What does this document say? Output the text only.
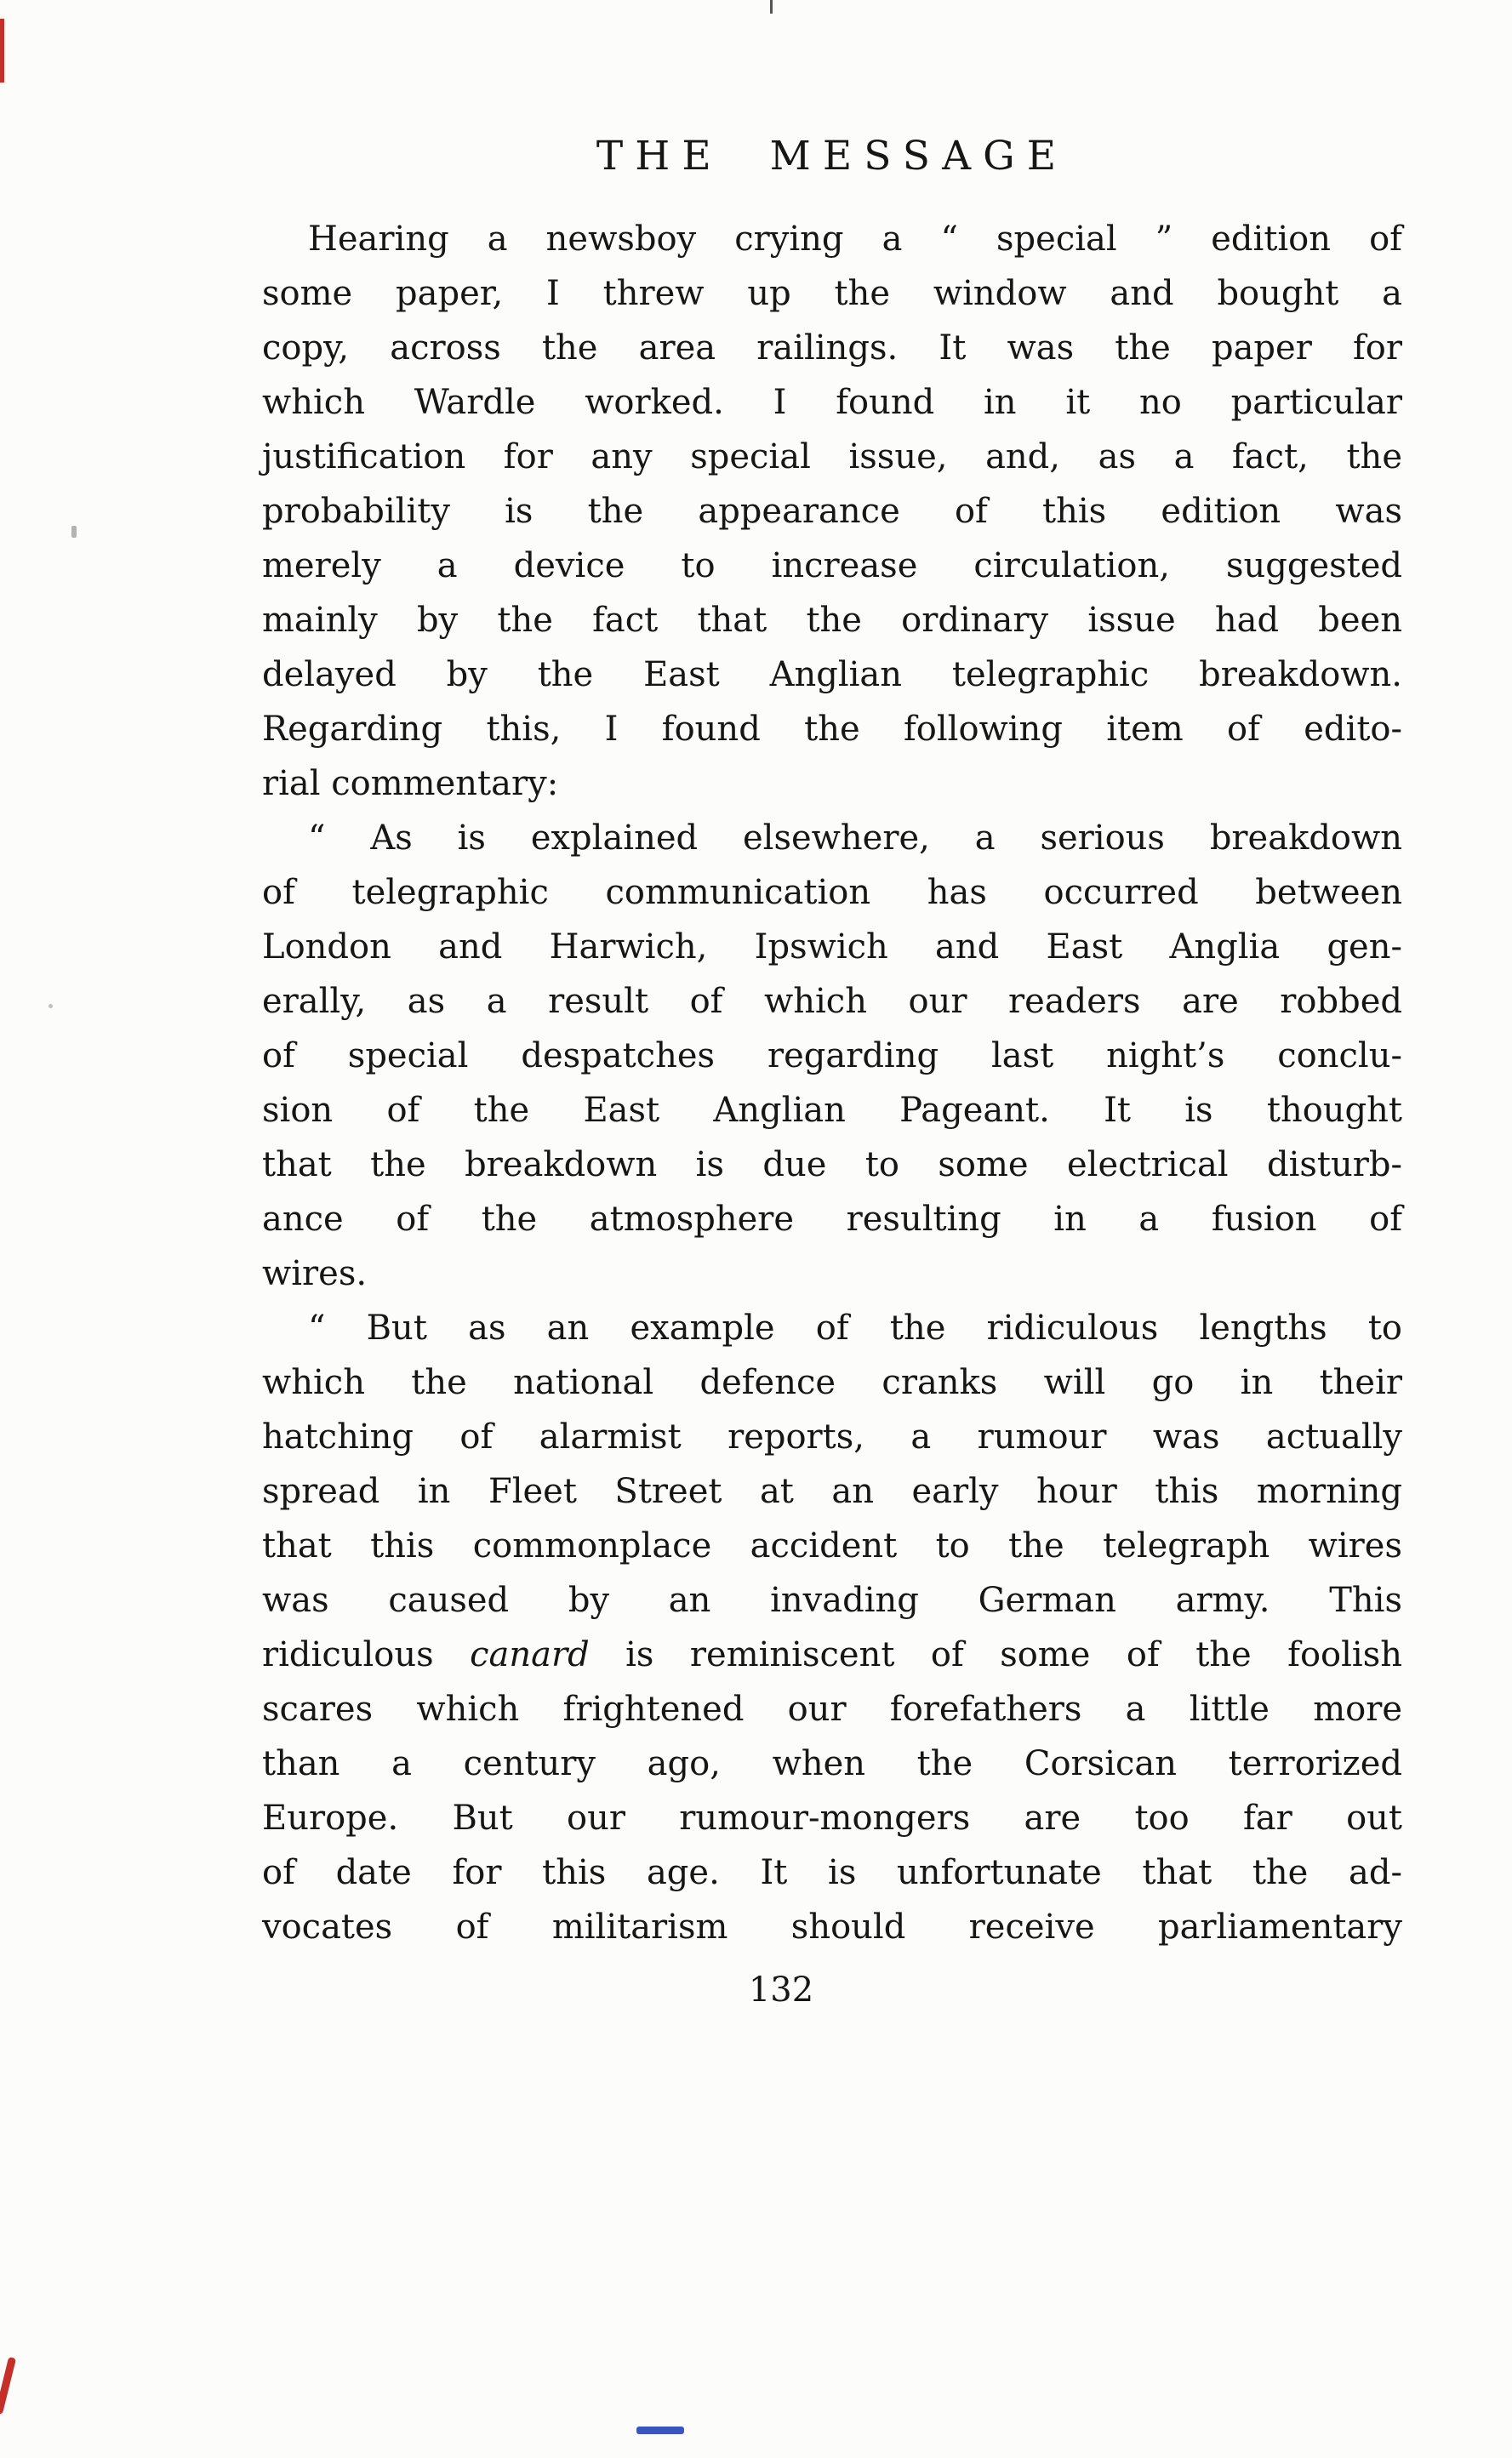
THE MESSAGE
Hearing a newsboy crying a “ special ” edition of
some paper, I threw up the window and bought a
copy, across the area railings. It was the paper for
which Wardle worked. I found in it no particular
justification for any special issue, and, as a fact, the
probability is the appearance of this edition was
merely a device to increase circulation, suggested
mainly by the fact that the ordinary issue had been
delayed by the East Anglian telegraphic breakdown.
Regarding this, I found the following item of edito-
rial commentary:
“ As is explained elsewhere, a serious breakdown
of telegraphic communication has occurred between
London and Harwich, Ipswich and East Anglia gen-
erally, as a result of which our readers are robbed
of special despatches regarding last night’s conclu-
sion of the East Anglian Pageant. It is thought
that the breakdown is due to some electrical disturb-
ance of the atmosphere resulting in a fusion of
wires.
“ But as an example of the ridiculous lengths to
which the national defence cranks will go in their
hatching of alarmist reports, a rumour was actually
spread in Fleet Street at an early hour this morning
that this commonplace accident to the telegraph wires
was caused by an invading German army. This
ridiculous canard is reminiscent of some of the foolish
scares which frightened our forefathers a little more
than a century ago, when the Corsican terrorized
Europe. But our rumour-mongers are too far out
of date for this age. It is unfortunate that the ad-
vocates of militarism should receive parliamentary
132
